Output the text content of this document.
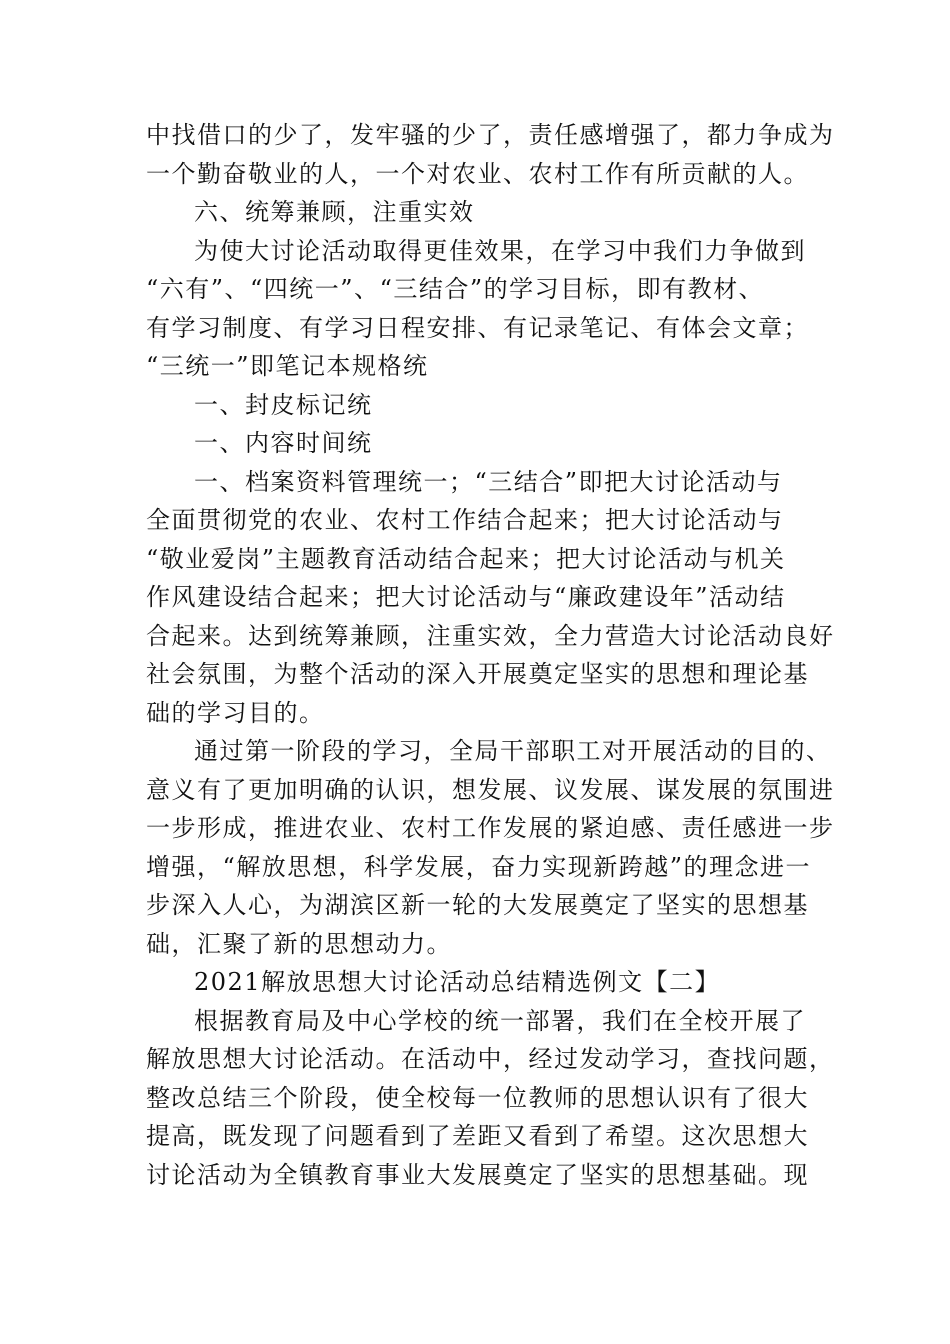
中找借口的少了，发牢骚的少了，责任感增强了，都力争成为
一个勤奋敬业的人，一个对农业、农村工作有所贡献的人。
六、统筹兼顾，注重实效
为使大讨论活动取得更佳效果，在学习中我们力争做到
“六有”、“四统一”、“三结合”的学习目标，即有教材、
有学习制度、有学习日程安排、有记录笔记、有体会文章；
“三统一”即笔记本规格统
一、封皮标记统
一、内容时间统
一、档案资料管理统一；“三结合”即把大讨论活动与
全面贯彻党的农业、农村工作结合起来；把大讨论活动与
“敬业爱岗”主题教育活动结合起来；把大讨论活动与机关
作风建设结合起来；把大讨论活动与“廉政建设年”活动结
合起来。达到统筹兼顾，注重实效，全力营造大讨论活动良好
社会氛围，为整个活动的深入开展奠定坚实的思想和理论基
础的学习目的。
通过第一阶段的学习，全局干部职工对开展活动的目的、
意义有了更加明确的认识，想发展、议发展、谋发展的氛围进
一步形成，推进农业、农村工作发展的紧迫感、责任感进一步
增强，“解放思想，科学发展，奋力实现新跨越”的理念进一
步深入人心，为湖滨区新一轮的大发展奠定了坚实的思想基
础，汇聚了新的思想动力。
2021解放思想大讨论活动总结精选例文【二】
根据教育局及中心学校的统一部署，我们在全校开展了
解放思想大讨论活动。在活动中，经过发动学习，查找问题，
整改总结三个阶段，使全校每一位教师的思想认识有了很大
提高，既发现了问题看到了差距又看到了希望。这次思想大
讨论活动为全镇教育事业大发展奠定了坚实的思想基础。现
